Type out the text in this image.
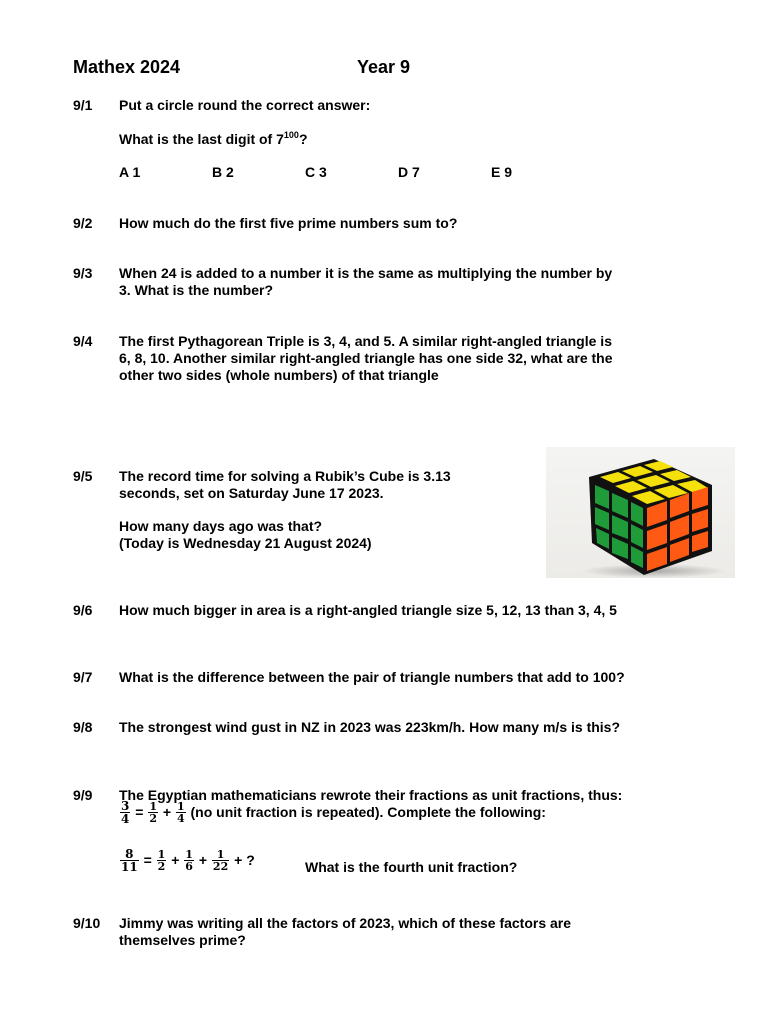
Mathex 2024	Year 9
9/1 Put a circle round the correct answer:
What is the last digit of $7^{100}$?
A 1	B 2	C 3	D 7	E 9
9/2 How much do the first five prime numbers sum to?
9/3 When 24 is added to a number it is the same as multiplying the number by
3. What is the number?
9/4 The first Pythagorean Triple is 3, 4, and 5. A similar right-angled triangle is
6, 8, 10. Another similar right-angled triangle has one side 32, what are the
other two sides (whole numbers) of that triangle
9/5 The record time for solving a Rubik’s Cube is 3.13
seconds, set on Saturday June 17 2023.
How many days ago was that?
(Today is Wednesday 21 August 2024)
9/6 How much bigger in area is a right-angled triangle size 5, 12, 13 than 3, 4, 5
9/7 What is the difference between the pair of triangle numbers that add to 100?
9/8 The strongest wind gust in NZ in 2023 was 223km/h. How many m/s is this?
9/9 The Egyptian mathematicians rewrote their fractions as unit fractions, thus:
$\frac{3}{4} = \frac{1}{2} + \frac{1}{4} (no$ unit fraction is repeated). Complete the following:
$\frac{8}{11} = \frac{1}{2} + \frac{1}{6} + \frac{1}{22}$ + ?	What is the fourth unit fraction?
9/10 Jimmy was writing all the factors of 2023, which of these factors are
themselves prime?
